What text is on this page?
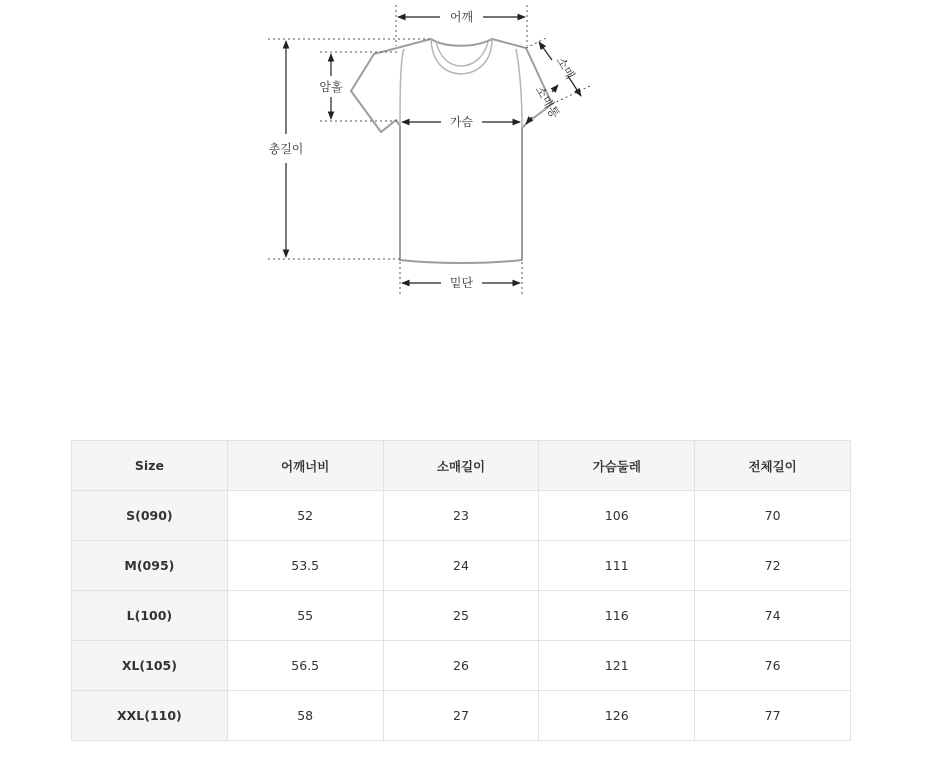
어깨
총길이
암홀
가슴
밑단
소매
소매통
Size	어깨너비	소매길이	가슴둘레	전체길이
S(090)	52	23	106	70
M(095)	53.5	24	111	72
L(100)	55	25	116	74
XL(105)	56.5	26	121	76
XXL(110)	58	27	126	77
